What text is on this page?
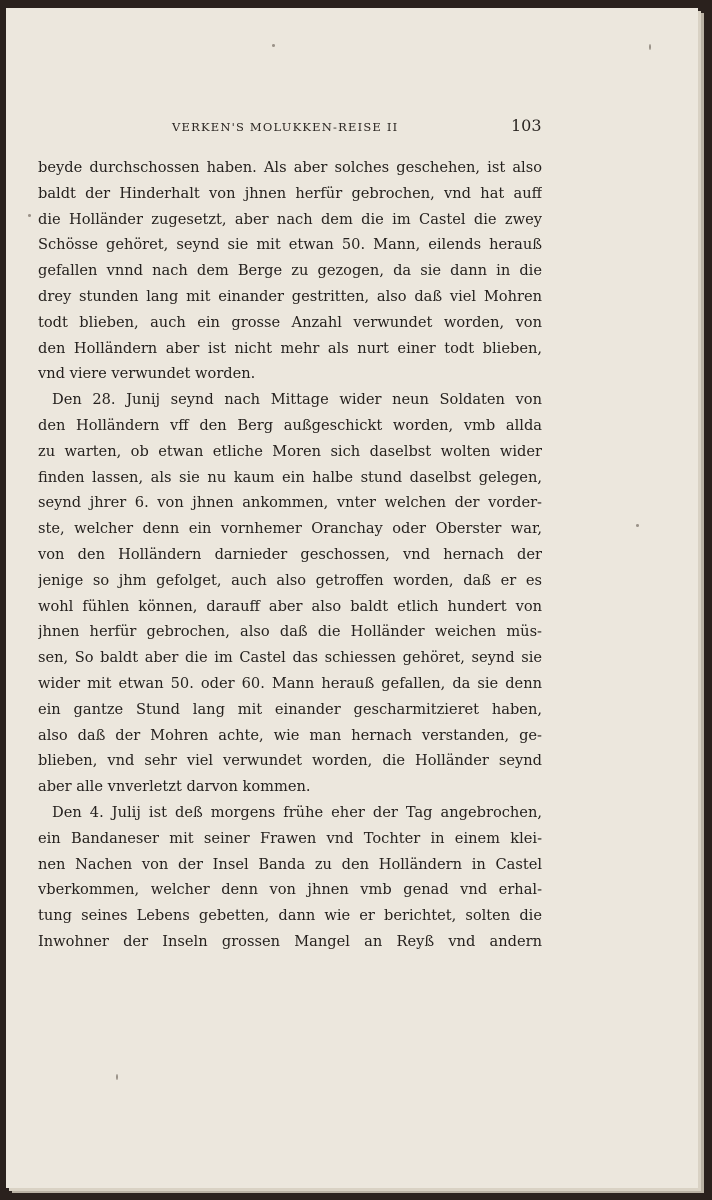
VERKEN'S MOLUKKEN-REISE II	103
beyde durchschossen haben. Als aber solches geschehen, ist also
baldt der Hinderhalt von jhnen herfür gebrochen, vnd hat auff
die Holländer zugesetzt, aber nach dem die im Castel die zwey
Schösse gehöret, seynd sie mit etwan 50. Mann, eilends herauß
gefallen vnnd nach dem Berge zu gezogen, da sie dann in die
drey stunden lang mit einander gestritten, also daß viel Mohren
todt blieben, auch ein grosse Anzahl verwundet worden, von
den Holländern aber ist nicht mehr als nurt einer todt blieben,
vnd viere verwundet worden.
Den 28. Junij seynd nach Mittage wider neun Soldaten von
den Holländern vff den Berg außgeschickt worden, vmb allda
zu warten, ob etwan etliche Moren sich daselbst wolten wider
finden lassen, als sie nu kaum ein halbe stund daselbst gelegen,
seynd jhrer 6. von jhnen ankommen, vnter welchen der vorder-
ste, welcher denn ein vornhemer Oranchay oder Oberster war,
von den Holländern darnieder geschossen, vnd hernach der
jenige so jhm gefolget, auch also getroffen worden, daß er es
wohl fühlen können, darauff aber also baldt etlich hundert von
jhnen herfür gebrochen, also daß die Holländer weichen müs-
sen, So baldt aber die im Castel das schiessen gehöret, seynd sie
wider mit etwan 50. oder 60. Mann herauß gefallen, da sie denn
ein gantze Stund lang mit einander gescharmitzieret haben,
also daß der Mohren achte, wie man hernach verstanden, ge-
blieben, vnd sehr viel verwundet worden, die Holländer seynd
aber alle vnverletzt darvon kommen.
Den 4. Julij ist deß morgens frühe eher der Tag angebrochen,
ein Bandaneser mit seiner Frawen vnd Tochter in einem klei-
nen Nachen von der Insel Banda zu den Holländern in Castel
vberkommen, welcher denn von jhnen vmb genad vnd erhal-
tung seines Lebens gebetten, dann wie er berichtet, solten die
Inwohner der Inseln grossen Mangel an Reyß vnd andern
